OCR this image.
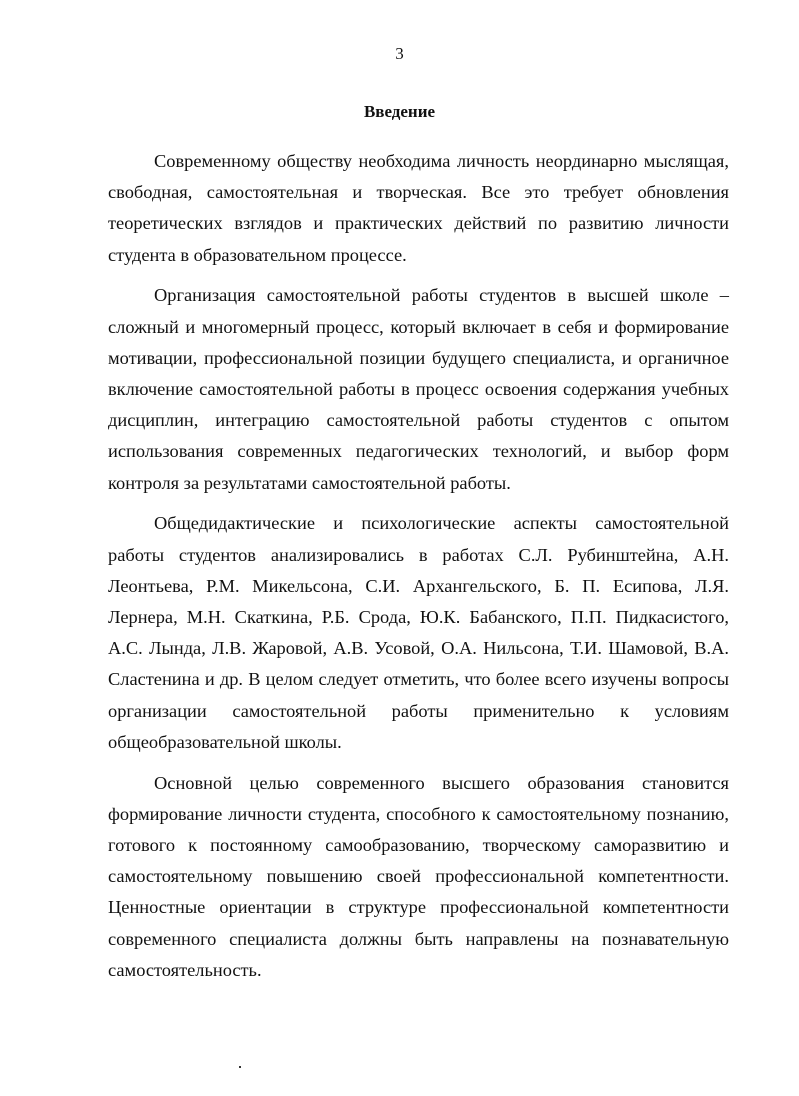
3
Введение

Современному обществу необходима личность неординарно мыслящая, свободная, самостоятельная и творческая. Все это требует обновления теоретических взглядов и практических действий по развитию личности студента в образовательном процессе.

Организация самостоятельной работы студентов в высшей школе – сложный и многомерный процесс, который включает в себя и формирование мотивации, профессиональной позиции будущего специалиста, и органичное включение самостоятельной работы в процесс освоения содержания учебных дисциплин, интеграцию самостоятельной работы студентов с опытом использования современных педагогических технологий, и выбор форм контроля за результатами самостоятельной работы.

Общедидактические и психологические аспекты самостоятельной работы студентов анализировались в работах С.Л. Рубинштейна, А.Н. Леонтьева, Р.М. Микельсона, С.И. Архангельского, Б. П. Есипова, Л.Я. Лернера, М.Н. Скаткина, Р.Б. Срода, Ю.К. Бабанского, П.П. Пидкасистого, А.С. Лында, Л.В. Жаровой, А.В. Усовой, О.А. Нильсона, Т.И. Шамовой, В.А. Сластенина и др. В целом следует отметить, что более всего изучены вопросы организации самостоятельной работы применительно к условиям общеобразовательной школы.

Основной целью современного высшего образования становится формирование личности студента, способного к самостоятельному познанию, готового к постоянному самообразованию, творческому саморазвитию и самостоятельному повышению своей профессиональной компетентности. Ценностные ориентации в структуре профессиональной компетентности современного специалиста должны быть направлены на познавательную самостоятельность.
